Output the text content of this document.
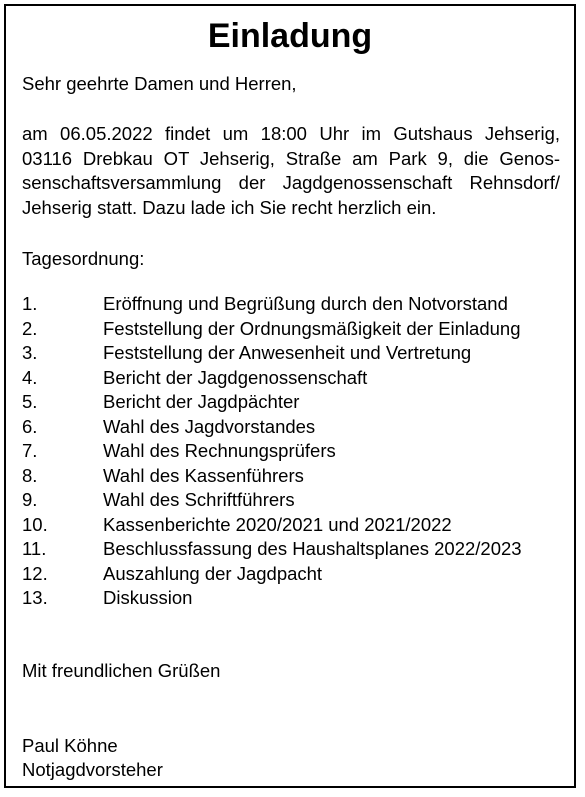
Einladung
Sehr geehrte Damen und Herren,
am 06.05.2022 findet um 18:00 Uhr im Gutshaus Jehserig,
03116 Drebkau OT Jehserig, Straße am Park 9, die Genos-
senschaftsversammlung der Jagdgenossenschaft Rehnsdorf/
Jehserig statt. Dazu lade ich Sie recht herzlich ein.
Tagesordnung:
1.	Eröffnung und Begrüßung durch den Notvorstand
2.	Feststellung der Ordnungsmäßigkeit der Einladung
3.	Feststellung der Anwesenheit und Vertretung
4.	Bericht der Jagdgenossenschaft
5.	Bericht der Jagdpächter
6.	Wahl des Jagdvorstandes
7.	Wahl des Rechnungsprüfers
8.	Wahl des Kassenführers
9.	Wahl des Schriftführers
10.	Kassenberichte 2020/2021 und 2021/2022
11.	Beschlussfassung des Haushaltsplanes 2022/2023
12.	Auszahlung der Jagdpacht
13.	Diskussion
Mit freundlichen Grüßen
Paul Köhne
Notjagdvorsteher
